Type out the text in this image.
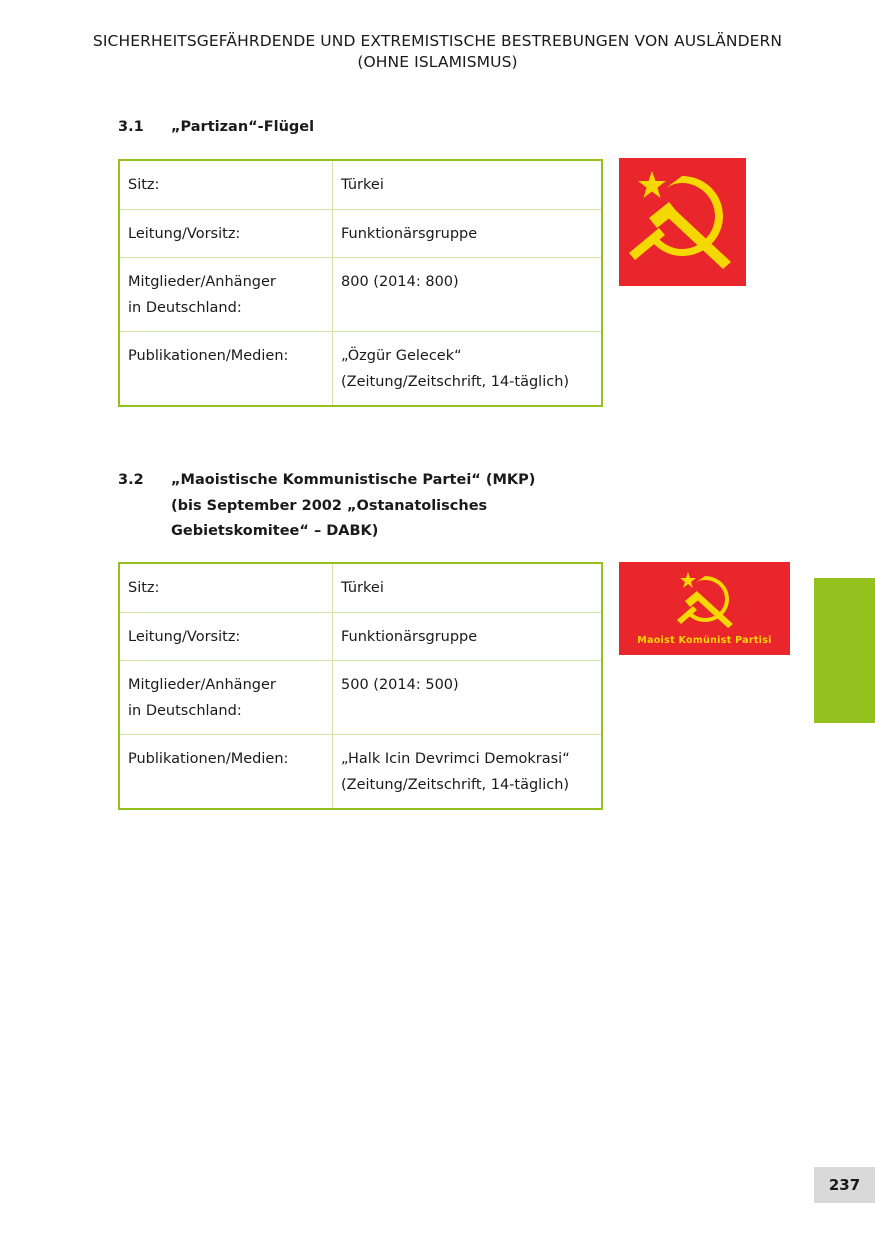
SICHERHEITSGEFÄHRDENDE UND EXTREMISTISCHE BESTREBUNGEN VON AUSLÄNDERN
(OHNE ISLAMISMUS)
3.1 „Partizan“-Flügel
Sitz:	Türkei
Leitung/Vorsitz:	Funktionärsgruppe
Mitglieder/Anhänger
in Deutschland:	800 (2014: 800)
Publikationen/Medien:	„Özgür Gelecek“
(Zeitung/Zeitschrift, 14-täglich)
3.2 „Maoistische Kommunistische Partei“ (MKP)
(bis September 2002 „Ostanatolisches
Gebietskomitee“ – DABK)
Sitz:	Türkei
Leitung/Vorsitz:	Funktionärsgruppe
Mitglieder/Anhänger
in Deutschland:	500 (2014: 500)
Publikationen/Medien:	„Halk Icin Devrimci Demokrasi“
(Zeitung/Zeitschrift, 14-täglich)
Maoist Komünist Partisi
237
